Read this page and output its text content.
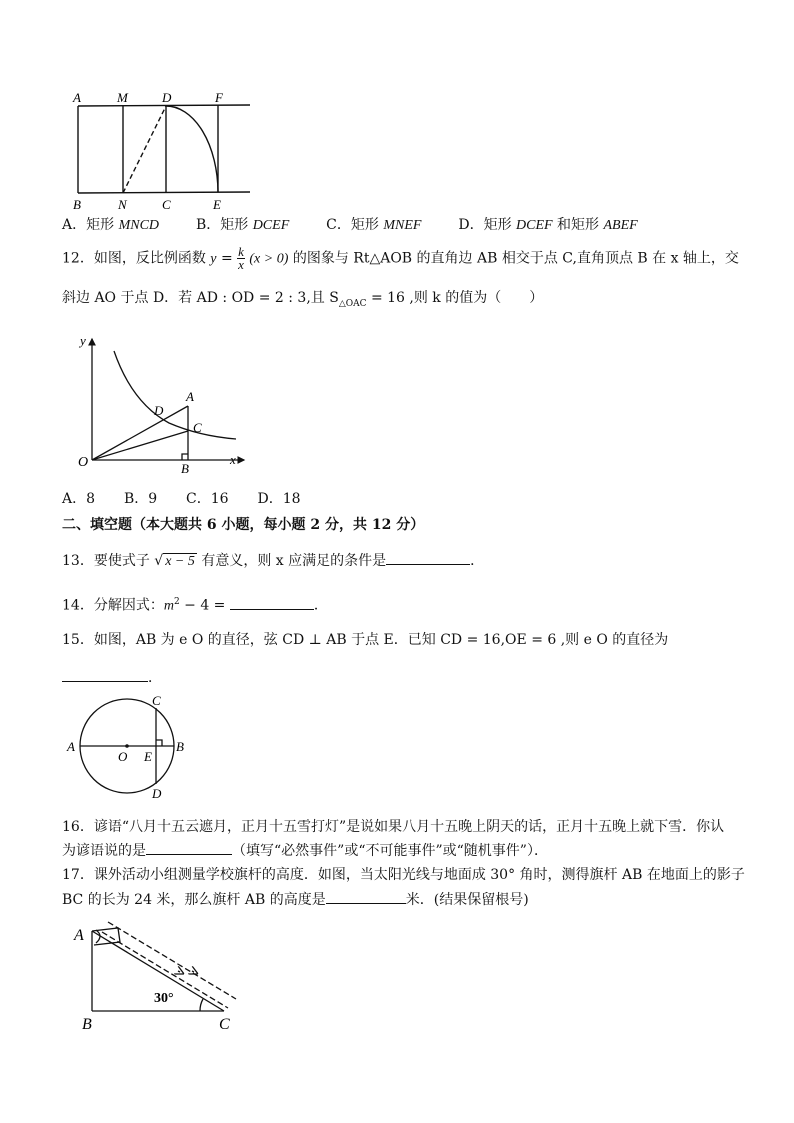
A	M	D	F
B	N	C	E
A．矩形 MNCD	B．矩形 DCEF	C．矩形 MNEF	D．矩形 DCEF 和矩形 ABEF
12．如图，反比例函数 $y = \frac{k}{x} (x > 0)$ 的图象与 Rt△AOB 的直角边 AB 相交于点 C,直角顶点 B 在 x 轴上，交
斜边 AO 于点 D．若 AD : OD = 2 : 3,且 $S_{\triangle OAC} = 16$ ,则 k 的值为（　　）
y
x
O
A
B
C
D
A．8 B．9 C．16 D．18
二、填空题（本大题共 6 小题，每小题 2 分，共 12 分）
13．要使式子 √ x − 5 有意义，则 x 应满足的条件是	．
14．分解因式：$m^2 - 4$ =	．
15．如图，AB 为 e O 的直径，弦 CD ⊥ AB 于点 E．已知 CD = 16,OE = 6 ,则 e O 的直径为
．
A	B
C
D
O E
16．谚语“八月十五云遮月，正月十五雪打灯”是说如果八月十五晚上阴天的话，正月十五晚上就下雪．你认
为谚语说的是	（填写“必然事件”或“不可能事件”或“随机事件”）．
17．课外活动小组测量学校旗杆的高度．如图，当太阳光线与地面成 30° 角时，测得旗杆 AB 在地面上的影子
BC 的长为 24 米，那么旗杆 AB 的高度是	米．(结果保留根号)
A
B	C
30°
